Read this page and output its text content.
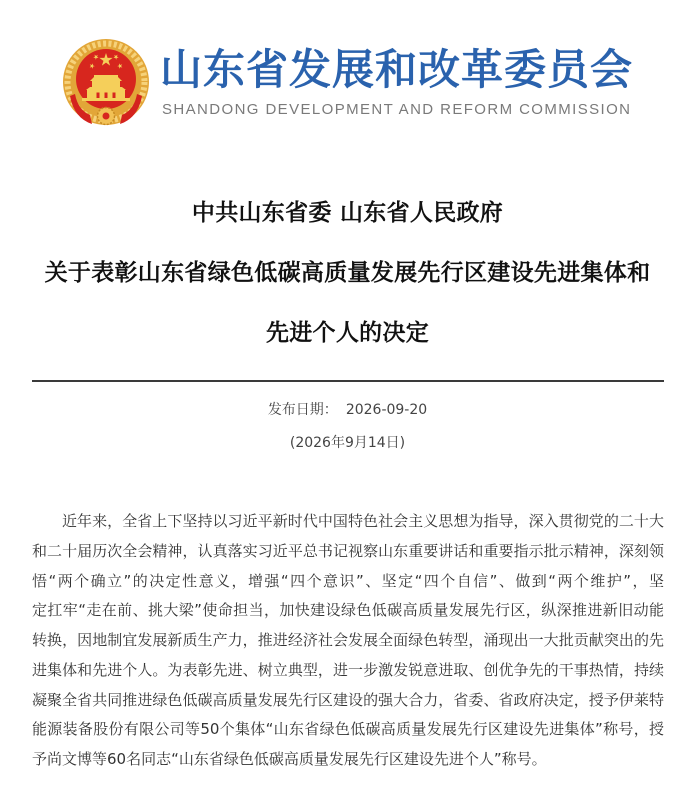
山东省发展和改革委员会
SHANDONG DEVELOPMENT AND REFORM COMMISSION
中共山东省委 山东省人民政府
关于表彰山东省绿色低碳高质量发展先行区建设先进集体和
先进个人的决定
发布日期： 2026-09-20
(2026年9月14日)
近年来，全省上下坚持以习近平新时代中国特色社会主义思想为指导，深入贯彻党的二十大
和二十届历次全会精神，认真落实习近平总书记视察山东重要讲话和重要指示批示精神，深刻领
悟“两个确立”的决定性意义，增强“四个意识”、坚定“四个自信”、做到“两个维护”，坚
定扛牢“走在前、挑大梁”使命担当，加快建设绿色低碳高质量发展先行区，纵深推进新旧动能
转换，因地制宜发展新质生产力，推进经济社会发展全面绿色转型，涌现出一大批贡献突出的先
进集体和先进个人。为表彰先进、树立典型，进一步激发锐意进取、创优争先的干事热情，持续
凝聚全省共同推进绿色低碳高质量发展先行区建设的强大合力，省委、省政府决定，授予伊莱特
能源装备股份有限公司等50个集体“山东省绿色低碳高质量发展先行区建设先进集体”称号，授
予尚文博等60名同志“山东省绿色低碳高质量发展先行区建设先进个人”称号。
